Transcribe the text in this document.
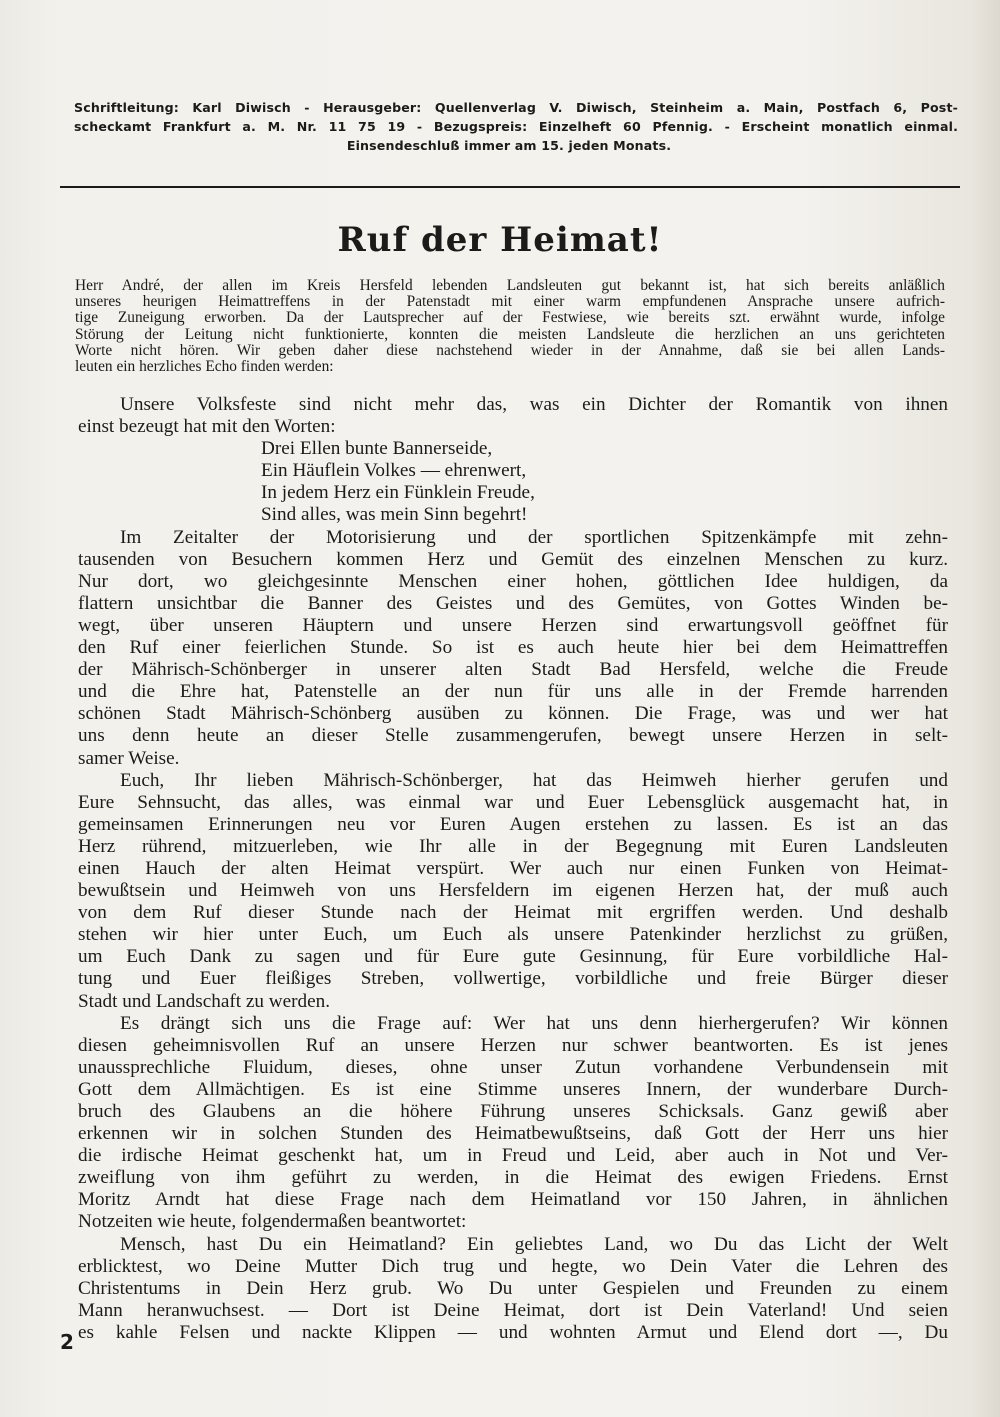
Schriftleitung: Karl Diwisch - Herausgeber: Quellenverlag V. Diwisch, Steinheim a. Main, Postfach 6, Post-
scheckamt Frankfurt a. M. Nr. 11 75 19 - Bezugspreis: Einzelheft 60 Pfennig. - Erscheint monatlich einmal.
Einsendeschluß immer am 15. jeden Monats.
Ruf der Heimat!
Herr André, der allen im Kreis Hersfeld lebenden Landsleuten gut bekannt ist, hat sich bereits anläßlich
unseres heurigen Heimattreffens in der Patenstadt mit einer warm empfundenen Ansprache unsere aufrich-
tige Zuneigung erworben. Da der Lautsprecher auf der Festwiese, wie bereits szt. erwähnt wurde, infolge
Störung der Leitung nicht funktionierte, konnten die meisten Landsleute die herzlichen an uns gerichteten
Worte nicht hören. Wir geben daher diese nachstehend wieder in der Annahme, daß sie bei allen Lands-
leuten ein herzliches Echo finden werden:
Unsere Volksfeste sind nicht mehr das, was ein Dichter der Romantik von ihnen
einst bezeugt hat mit den Worten:
Drei Ellen bunte Bannerseide,
Ein Häuflein Volkes — ehrenwert,
In jedem Herz ein Fünklein Freude,
Sind alles, was mein Sinn begehrt!
Im Zeitalter der Motorisierung und der sportlichen Spitzenkämpfe mit zehn-
tausenden von Besuchern kommen Herz und Gemüt des einzelnen Menschen zu kurz.
Nur dort, wo gleichgesinnte Menschen einer hohen, göttlichen Idee huldigen, da
flattern unsichtbar die Banner des Geistes und des Gemütes, von Gottes Winden be-
wegt, über unseren Häuptern und unsere Herzen sind erwartungsvoll geöffnet für
den Ruf einer feierlichen Stunde. So ist es auch heute hier bei dem Heimattreffen
der Mährisch-Schönberger in unserer alten Stadt Bad Hersfeld, welche die Freude
und die Ehre hat, Patenstelle an der nun für uns alle in der Fremde harrenden
schönen Stadt Mährisch-Schönberg ausüben zu können. Die Frage, was und wer hat
uns denn heute an dieser Stelle zusammengerufen, bewegt unsere Herzen in selt-
samer Weise.
Euch, Ihr lieben Mährisch-Schönberger, hat das Heimweh hierher gerufen und
Eure Sehnsucht, das alles, was einmal war und Euer Lebensglück ausgemacht hat, in
gemeinsamen Erinnerungen neu vor Euren Augen erstehen zu lassen. Es ist an das
Herz rührend, mitzuerleben, wie Ihr alle in der Begegnung mit Euren Landsleuten
einen Hauch der alten Heimat verspürt. Wer auch nur einen Funken von Heimat-
bewußtsein und Heimweh von uns Hersfeldern im eigenen Herzen hat, der muß auch
von dem Ruf dieser Stunde nach der Heimat mit ergriffen werden. Und deshalb
stehen wir hier unter Euch, um Euch als unsere Patenkinder herzlichst zu grüßen,
um Euch Dank zu sagen und für Eure gute Gesinnung, für Eure vorbildliche Hal-
tung und Euer fleißiges Streben, vollwertige, vorbildliche und freie Bürger dieser
Stadt und Landschaft zu werden.
Es drängt sich uns die Frage auf: Wer hat uns denn hierhergerufen? Wir können
diesen geheimnisvollen Ruf an unsere Herzen nur schwer beantworten. Es ist jenes
unaussprechliche Fluidum, dieses, ohne unser Zutun vorhandene Verbundensein mit
Gott dem Allmächtigen. Es ist eine Stimme unseres Innern, der wunderbare Durch-
bruch des Glaubens an die höhere Führung unseres Schicksals. Ganz gewiß aber
erkennen wir in solchen Stunden des Heimatbewußtseins, daß Gott der Herr uns hier
die irdische Heimat geschenkt hat, um in Freud und Leid, aber auch in Not und Ver-
zweiflung von ihm geführt zu werden, in die Heimat des ewigen Friedens. Ernst
Moritz Arndt hat diese Frage nach dem Heimatland vor 150 Jahren, in ähnlichen
Notzeiten wie heute, folgendermaßen beantwortet:
Mensch, hast Du ein Heimatland? Ein geliebtes Land, wo Du das Licht der Welt
erblicktest, wo Deine Mutter Dich trug und hegte, wo Dein Vater die Lehren des
Christentums in Dein Herz grub. Wo Du unter Gespielen und Freunden zu einem
Mann heranwuchsest. — Dort ist Deine Heimat, dort ist Dein Vaterland! Und seien
es kahle Felsen und nackte Klippen — und wohnten Armut und Elend dort —, Du
2
